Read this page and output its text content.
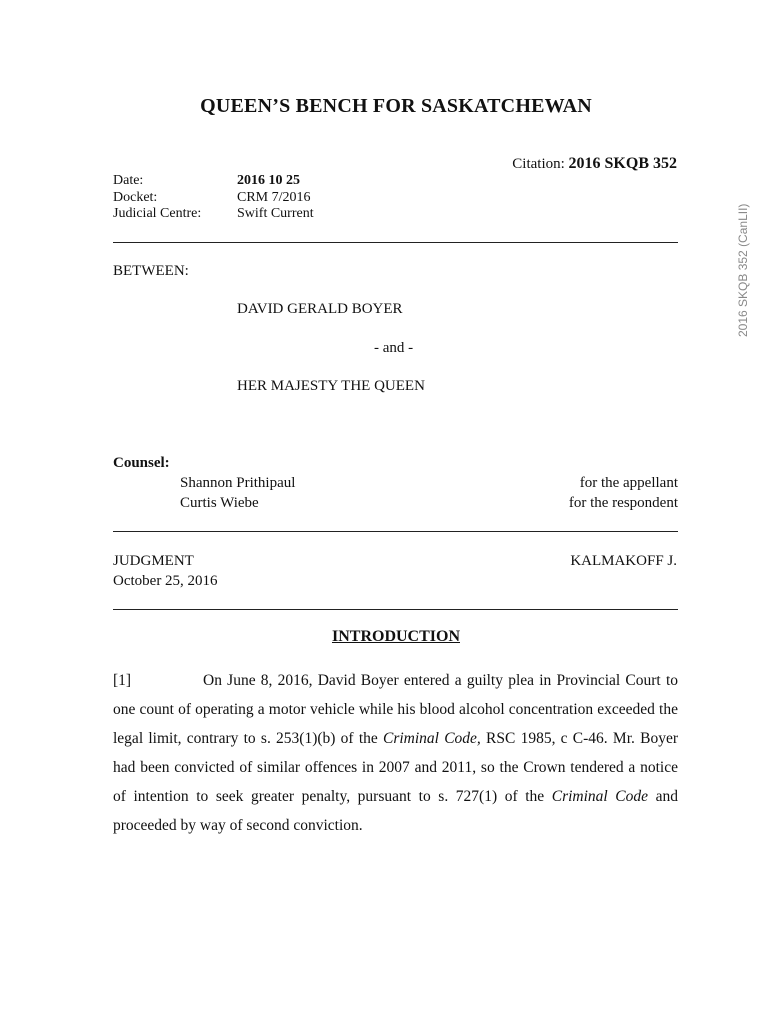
QUEEN’S BENCH FOR SASKATCHEWAN
Citation: 2016 SKQB 352
Date:	2016 10 25
Docket:	CRM 7/2016
Judicial Centre:	Swift Current
BETWEEN:
DAVID GERALD BOYER
- and -
HER MAJESTY THE QUEEN
Counsel:
Shannon Prithipaul	for the appellant
Curtis Wiebe	for the respondent
JUDGMENT
October 25, 2016
KALMAKOFF J.
INTRODUCTION
[1]	On June 8, 2016, David Boyer entered a guilty plea in Provincial Court to one count of operating a motor vehicle while his blood alcohol concentration exceeded the legal limit, contrary to s. 253(1)(b) of the Criminal Code, RSC 1985, c C-46. Mr. Boyer had been convicted of similar offences in 2007 and 2011, so the Crown tendered a notice of intention to seek greater penalty, pursuant to s. 727(1) of the Criminal Code and proceeded by way of second conviction.
2016 SKQB 352 (CanLII)
